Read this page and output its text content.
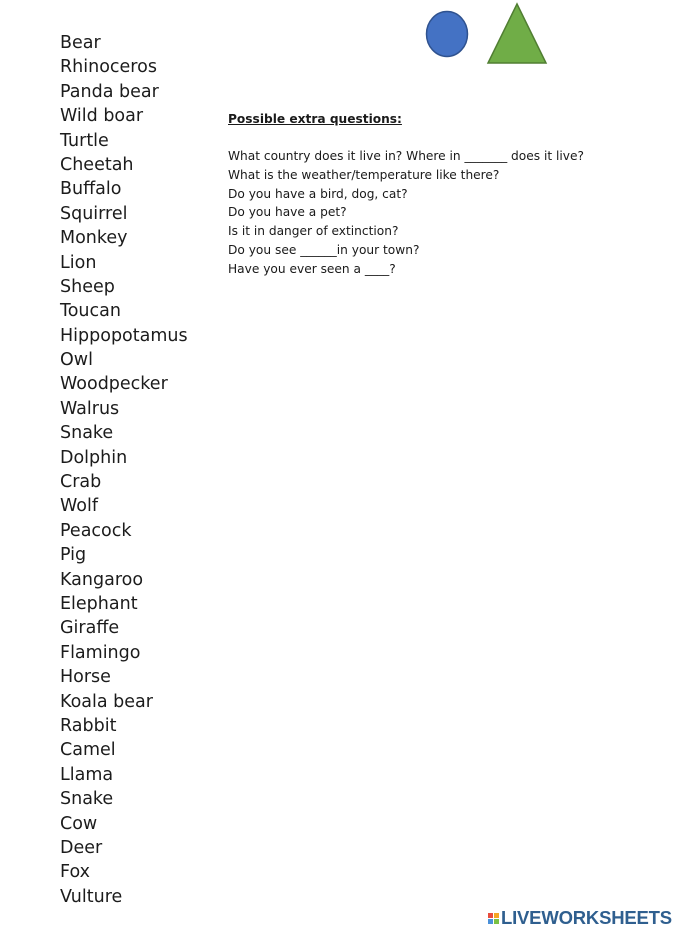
Bear
Rhinoceros
Panda bear
Wild boar
Turtle
Cheetah
Buffalo
Squirrel
Monkey
Lion
Sheep
Toucan
Hippopotamus
Owl
Woodpecker
Walrus
Snake
Dolphin
Crab
Wolf
Peacock
Pig
Kangaroo
Elephant
Giraffe
Flamingo
Horse
Koala bear
Rabbit
Camel
Llama
Snake
Cow
Deer
Fox
Vulture
Possible extra questions:
What country does it live in? Where in _______ does it live?
What is the weather/temperature like there?
Do you have a bird, dog, cat?
Do you have a pet?
Is it in danger of extinction?
Do you see ______in your town?
Have you ever seen a ____?
LIVEWORKSHEETS
